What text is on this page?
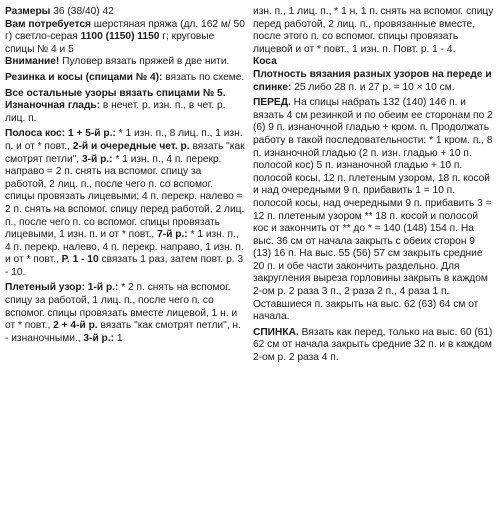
Размеры 36 (38/40) 42

Вам потребуется шерстяная пряжа (дл. 162 м/ 50 г) светло-серая 1100 (1150) 1150 г; круговые спицы № 4 и 5

Внимание! Пуловер вязать пряжей в две нити.

Резинка и косы (спицами № 4): вязать по схеме.

Все остальные узоры вязать спицами № 5.

Изнаночная гладь: в нечет. р. изн. п., в чет. р. лиц. п.

Полоса кос: 1 + 5-й р.: * 1 изн. п., 8 лиц. п., 1 изн. п. и от * повт., 2-й и очередные чет. р. вязать "как смотрят петли", 3-й р.: * 1 изн. п., 4 п. перекр. направо = 2 п. снять на вспомог. спицу за работой, 2 лиц. п., после чего п. со вспомог. спицы провязать лицевыми; 4 п. перекр. налево = 2 п. снять на вспомог. спицу перед работой, 2 лиц. п., после чего п. со вспомог. спицы провязать лицевыми, 1 изн. п. и от * повт., 7-й р.: * 1 изн. п., 4 п. перекр. налево, 4 п. перекр. направо, 1 изн. п. и от * повт., Р. 1 - 10 связать 1 раз, затем повт. р. 3 - 10.

Плетеный узор: 1-й р.: * 2 п. снять на вспомог. спицу за работой, 1 лиц. п., после чего п. со вспомог. спицы провязать вместе лицевой, 1 н. и от * повт., 2 + 4-й р. вязать "как смотрят петли", н. - изнаночными., 3-й р.: 1

изн. п., 1 лиц. п., * 1 н, 1 п. снять на вспомог. спицу перед работой, 2 лиц. п., провязанные вместе, после этого п. со вспомог. спицы провязать лицевой и от * повт., 1 изн. п. Повт. р. 1 - 4.

Коса

Плотность вязания разных узоров на переде и спинке: 25 либо 28 п. и 27 р. = 10 × 10 см.

ПЕРЕД. На спицы набрать 132 (140) 146 п. и вязать 4 см резинкой и по обеим ее сторонам по 2 (6) 9 п. изнаночной гладью + кром. п. Продолжать работу в такой последовательности: * 1 кром. п., 8 п. изнаночной гладью (2 п. изн. гладью + 10 п. полосой кос) 5 п. изнаночной гладью + 10 п. полосой косы, 12 п. плетеным узором, 18 п. косой и над очередными 9 п. прибавить 1 = 10 п. полосой косы, над очередными 9 п. прибавить 3 = 12 п. плетеным узором ** 18 п. косой и полосой кос и закончить от ** до * = 140 (148) 154 п. На выс. 36 см от начала закрыть с обеих сторон 9 (13) 16 п. На выс. 55 (56) 57 см закрыть средние 20 п. и обе части закончить раздельно. Для закругления выреза горловины закрыть в каждом 2-ом р. 2 раза 3 п., 2 раза 2 п., 4 раза 1 п. Оставшиеся п. закрыть на выс. 62 (63) 64 см от начала.

СПИНКА. Вязать как перед, только на выс. 60 (61) 62 см от начала закрыть средние 32 п. и в каждом 2-ом р. 2 раза 4 п.
